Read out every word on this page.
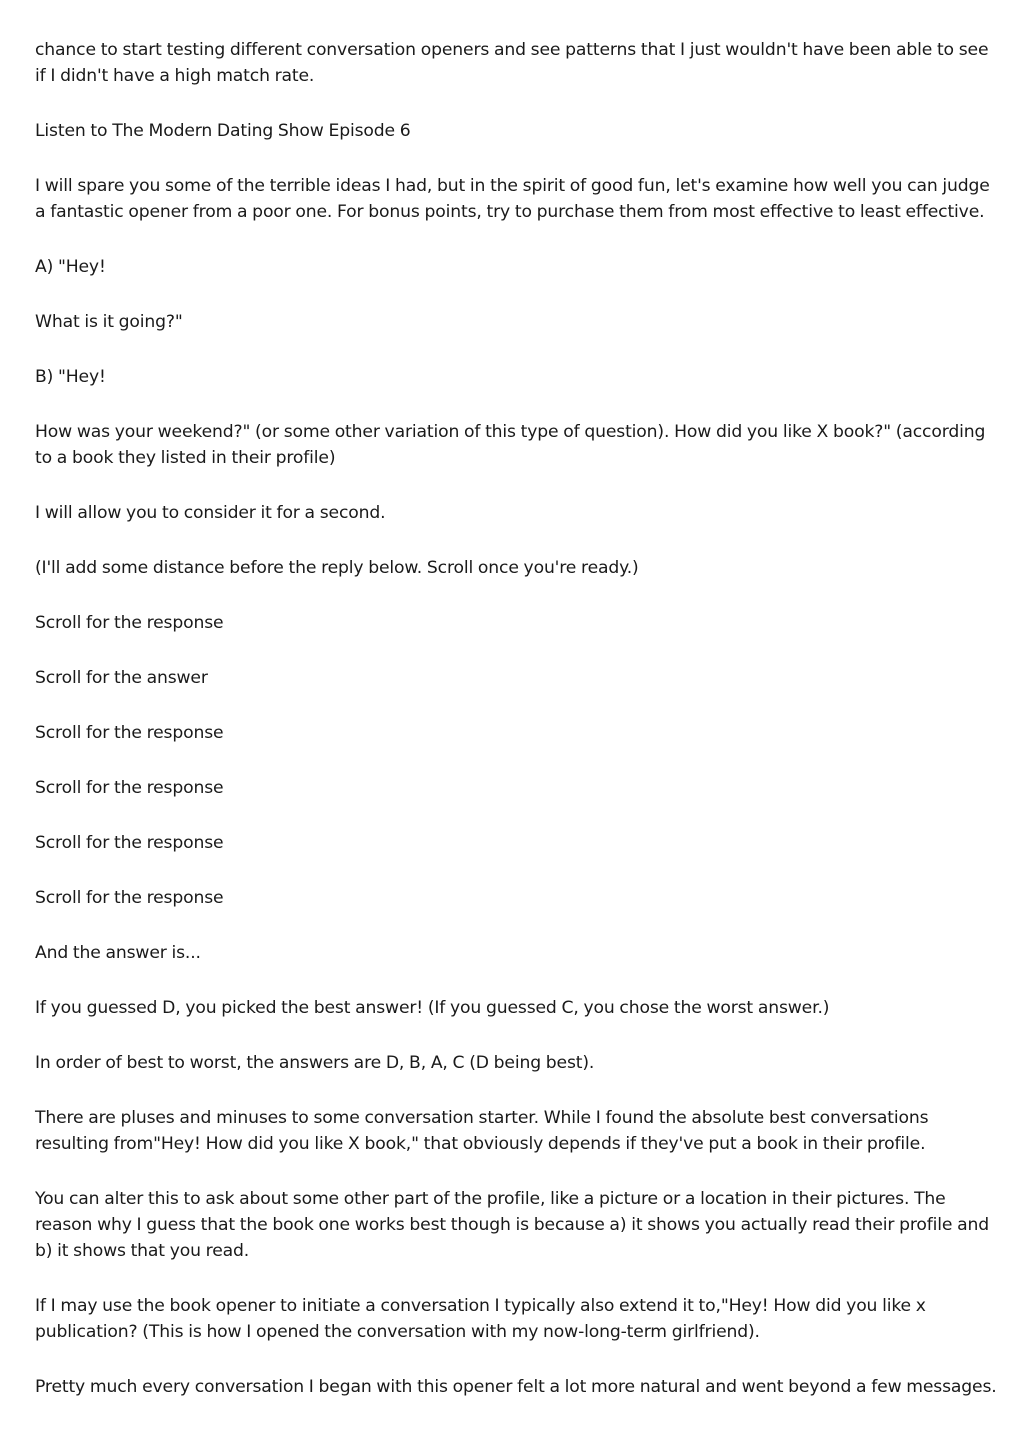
chance to start testing different conversation openers and see patterns that I just wouldn't have been able to see if I didn't have a high match rate.

Listen to The Modern Dating Show Episode 6

I will spare you some of the terrible ideas I had, but in the spirit of good fun, let's examine how well you can judge a fantastic opener from a poor one. For bonus points, try to purchase them from most effective to least effective.

A) "Hey!

What is it going?"

B) "Hey!

How was your weekend?" (or some other variation of this type of question). How did you like X book?" (according to a book they listed in their profile)

I will allow you to consider it for a second.

(I'll add some distance before the reply below. Scroll once you're ready.)

Scroll for the response

Scroll for the answer

Scroll for the response

Scroll for the response

Scroll for the response

Scroll for the response

And the answer is...

If you guessed D, you picked the best answer! (If you guessed C, you chose the worst answer.)

In order of best to worst, the answers are D, B, A, C (D being best).

There are pluses and minuses to some conversation starter. While I found the absolute best conversations resulting from"Hey! How did you like X book," that obviously depends if they've put a book in their profile.

You can alter this to ask about some other part of the profile, like a picture or a location in their pictures. The reason why I guess that the book one works best though is because a) it shows you actually read their profile and b) it shows that you read.

If I may use the book opener to initiate a conversation I typically also extend it to,"Hey! How did you like x publication? (This is how I opened the conversation with my now-long-term girlfriend).

Pretty much every conversation I began with this opener felt a lot more natural and went beyond a few messages.
